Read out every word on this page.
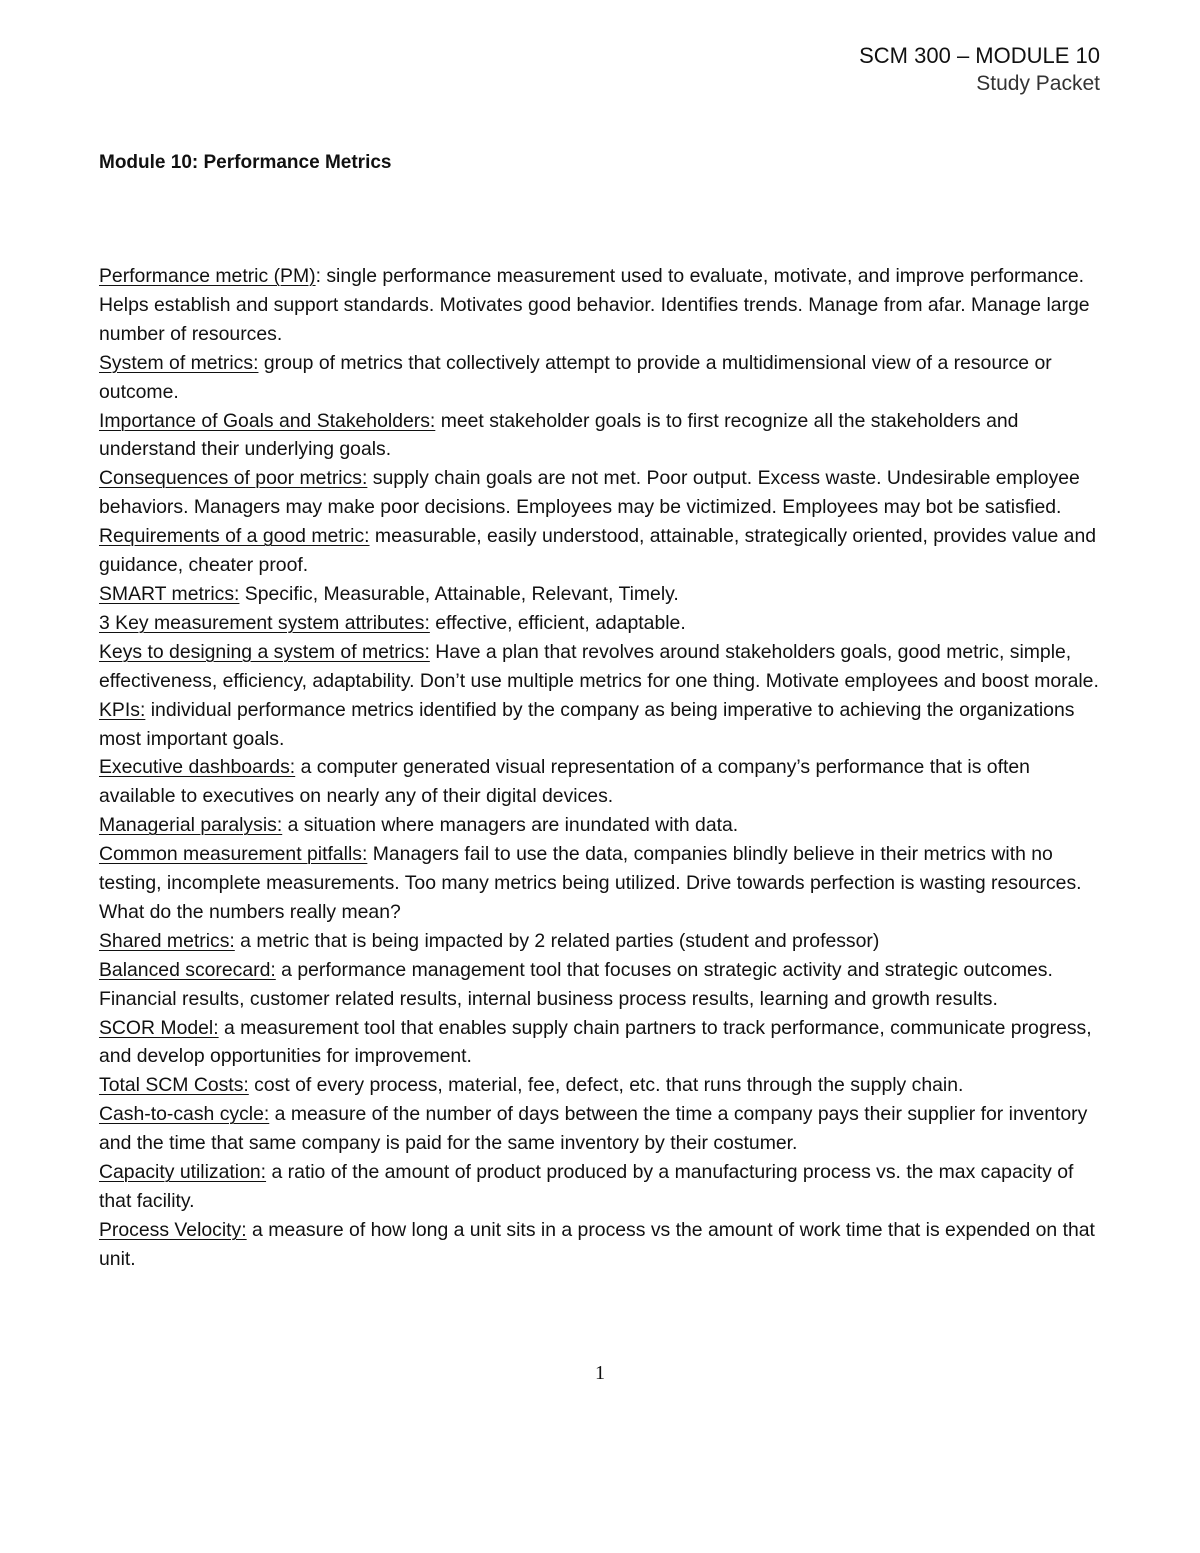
SCM 300 – MODULE 10
Study Packet
Module 10: Performance Metrics

Performance metric (PM): single performance measurement used to evaluate, motivate, and improve performance. Helps establish and support standards. Motivates good behavior. Identifies trends. Manage from afar. Manage large number of resources.

System of metrics: group of metrics that collectively attempt to provide a multidimensional view of a resource or outcome.

Importance of Goals and Stakeholders: meet stakeholder goals is to first recognize all the stakeholders and understand their underlying goals.

Consequences of poor metrics: supply chain goals are not met. Poor output. Excess waste. Undesirable employee behaviors. Managers may make poor decisions. Employees may be victimized. Employees may bot be satisfied.

Requirements of a good metric: measurable, easily understood, attainable, strategically oriented, provides value and guidance, cheater proof.

SMART metrics: Specific, Measurable, Attainable, Relevant, Timely.

3 Key measurement system attributes: effective, efficient, adaptable.

Keys to designing a system of metrics: Have a plan that revolves around stakeholders goals, good metric, simple, effectiveness, efficiency, adaptability. Don’t use multiple metrics for one thing. Motivate employees and boost morale.

KPIs: individual performance metrics identified by the company as being imperative to achieving the organizations most important goals.

Executive dashboards: a computer generated visual representation of a company’s performance that is often available to executives on nearly any of their digital devices.

Managerial paralysis: a situation where managers are inundated with data.

Common measurement pitfalls: Managers fail to use the data, companies blindly believe in their metrics with no testing, incomplete measurements. Too many metrics being utilized. Drive towards perfection is wasting resources. What do the numbers really mean?

Shared metrics: a metric that is being impacted by 2 related parties (student and professor)

Balanced scorecard: a performance management tool that focuses on strategic activity and strategic outcomes. Financial results, customer related results, internal business process results, learning and growth results.

SCOR Model: a measurement tool that enables supply chain partners to track performance, communicate progress, and develop opportunities for improvement.

Total SCM Costs: cost of every process, material, fee, defect, etc. that runs through the supply chain.

Cash-to-cash cycle: a measure of the number of days between the time a company pays their supplier for inventory and the time that same company is paid for the same inventory by their costumer.

Capacity utilization: a ratio of the amount of product produced by a manufacturing process vs. the max capacity of that facility.

Process Velocity: a measure of how long a unit sits in a process vs the amount of work time that is expended on that unit.

1
